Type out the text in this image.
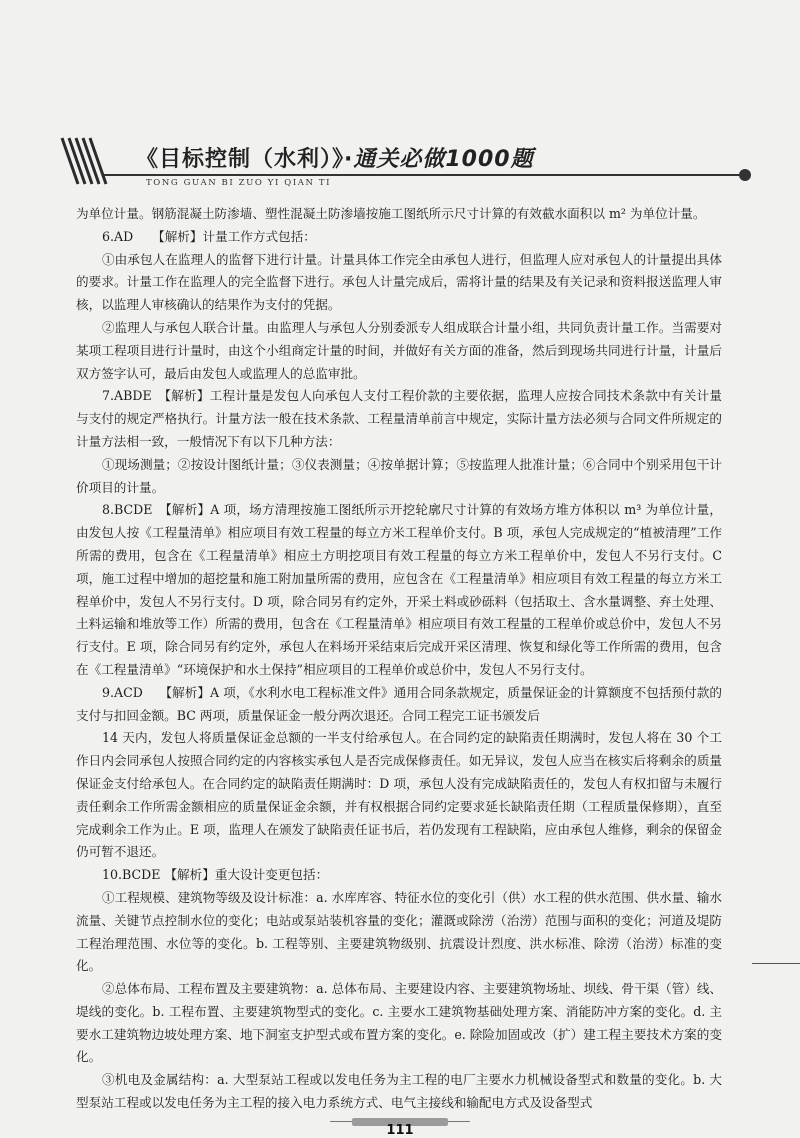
《目标控制（水利）》·通关必做1000题
TONG GUAN BI ZUO YI QIAN TI

为单位计量。钢筋混凝土防渗墙、塑性混凝土防渗墙按施工图纸所示尺寸计算的有效截水面积以 m² 为单位计量。

6.AD　　【解析】计量工作方式包括：

①由承包人在监理人的监督下进行计量。计量具体工作完全由承包人进行，但监理人应对承包人的计量提出具体的要求。计量工作在监理人的完全监督下进行。承包人计量完成后，需将计量的结果及有关记录和资料报送监理人审核，以监理人审核确认的结果作为支付的凭据。

②监理人与承包人联合计量。由监理人与承包人分别委派专人组成联合计量小组，共同负责计量工作。当需要对某项工程项目进行计量时，由这个小组商定计量的时间，并做好有关方面的准备，然后到现场共同进行计量，计量后双方签字认可，最后由发包人或监理人的总监审批。

7.ABDE　【解析】工程计量是发包人向承包人支付工程价款的主要依据，监理人应按合同技术条款中有关计量与支付的规定严格执行。计量方法一般在技术条款、工程量清单前言中规定，实际计量方法必须与合同文件所规定的计量方法相一致，一般情况下有以下几种方法：

①现场测量；②按设计图纸计量；③仪表测量；④按单据计算；⑤按监理人批准计量；⑥合同中个别采用包干计价项目的计量。

8.BCDE　【解析】A 项，场方清理按施工图纸所示开挖轮廓尺寸计算的有效场方堆方体积以 m³ 为单位计量，由发包人按《工程量清单》相应项目有效工程量的每立方米工程单价支付。B 项，承包人完成规定的“植被清理”工作所需的费用，包含在《工程量清单》相应土方明挖项目有效工程量的每立方米工程单价中，发包人不另行支付。C 项，施工过程中增加的超挖量和施工附加量所需的费用，应包含在《工程量清单》相应项目有效工程量的每立方米工程单价中，发包人不另行支付。D 项，除合同另有约定外，开采土料或砂砾料（包括取土、含水量调整、弃土处理、土料运输和堆放等工作）所需的费用，包含在《工程量清单》相应项目有效工程量的工程单价或总价中，发包人不另行支付。E 项，除合同另有约定外，承包人在料场开采结束后完成开采区清理、恢复和绿化等工作所需的费用，包含在《工程量清单》“环境保护和水土保持”相应项目的工程单价或总价中，发包人不另行支付。

9.ACD　 【解析】A 项，《水利水电工程标准文件》通用合同条款规定，质量保证金的计算额度不包括预付款的支付与扣回金额。BC 两项，质量保证金一般分两次退还。合同工程完工证书颁发后

14 天内，发包人将质量保证金总额的一半支付给承包人。在合同约定的缺陷责任期满时，发包人将在 30 个工作日内会同承包人按照合同约定的内容核实承包人是否完成保修责任。如无异议，发包人应当在核实后将剩余的质量保证金支付给承包人。在合同约定的缺陷责任期满时：D 项，承包人没有完成缺陷责任的，发包人有权扣留与未履行责任剩余工作所需金额相应的质量保证金余额，并有权根据合同约定要求延长缺陷责任期（工程质量保修期），直至完成剩余工作为止。E 项，监理人在颁发了缺陷责任证书后，若仍发现有工程缺陷，应由承包人维修，剩余的保留金仍可暂不退还。

10.BCDE 【解析】重大设计变更包括：

①工程规模、建筑物等级及设计标准：a. 水库库容、特征水位的变化引（供）水工程的供水范围、供水量、输水流量、关键节点控制水位的变化；电站或泵站装机容量的变化；灌溉或除涝（治涝）范围与面积的变化；河道及堤防工程治理范围、水位等的变化。b. 工程等别、主要建筑物级别、抗震设计烈度、洪水标准、除涝（治涝）标准的变化。

②总体布局、工程布置及主要建筑物：a. 总体布局、主要建设内容、主要建筑物场址、坝线、骨干渠（管）线、堤线的变化。b. 工程布置、主要建筑物型式的变化。c. 主要水工建筑物基础处理方案、消能防冲方案的变化。d. 主要水工建筑物边坡处理方案、地下洞室支护型式或布置方案的变化。e. 除险加固或改（扩）建工程主要技术方案的变化。

③机电及金属结构：a. 大型泵站工程或以发电任务为主工程的电厂主要水力机械设备型式和数量的变化。b. 大型泵站工程或以发电任务为主工程的接入电力系统方式、电气主接线和输配电方式及设备型式

111
